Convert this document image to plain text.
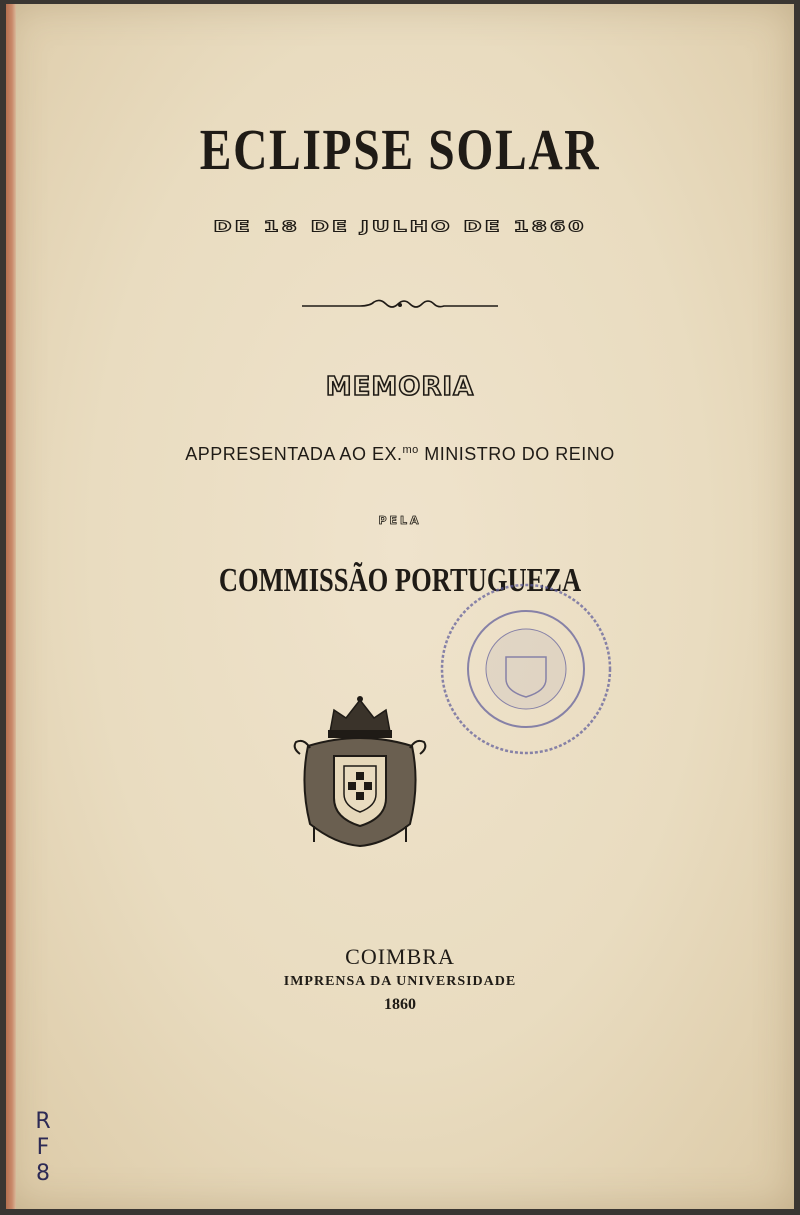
ECLIPSE SOLAR
DE 18 DE JULHO DE 1860
MEMORIA
APPRESENTADA AO EX.$^{mo}$ MINISTRO DO REINO
PELA
COMMISSÃO PORTUGUEZA
COIMBRA
IMPRENSA DA UNIVERSIDADE
1860
R
F
8
